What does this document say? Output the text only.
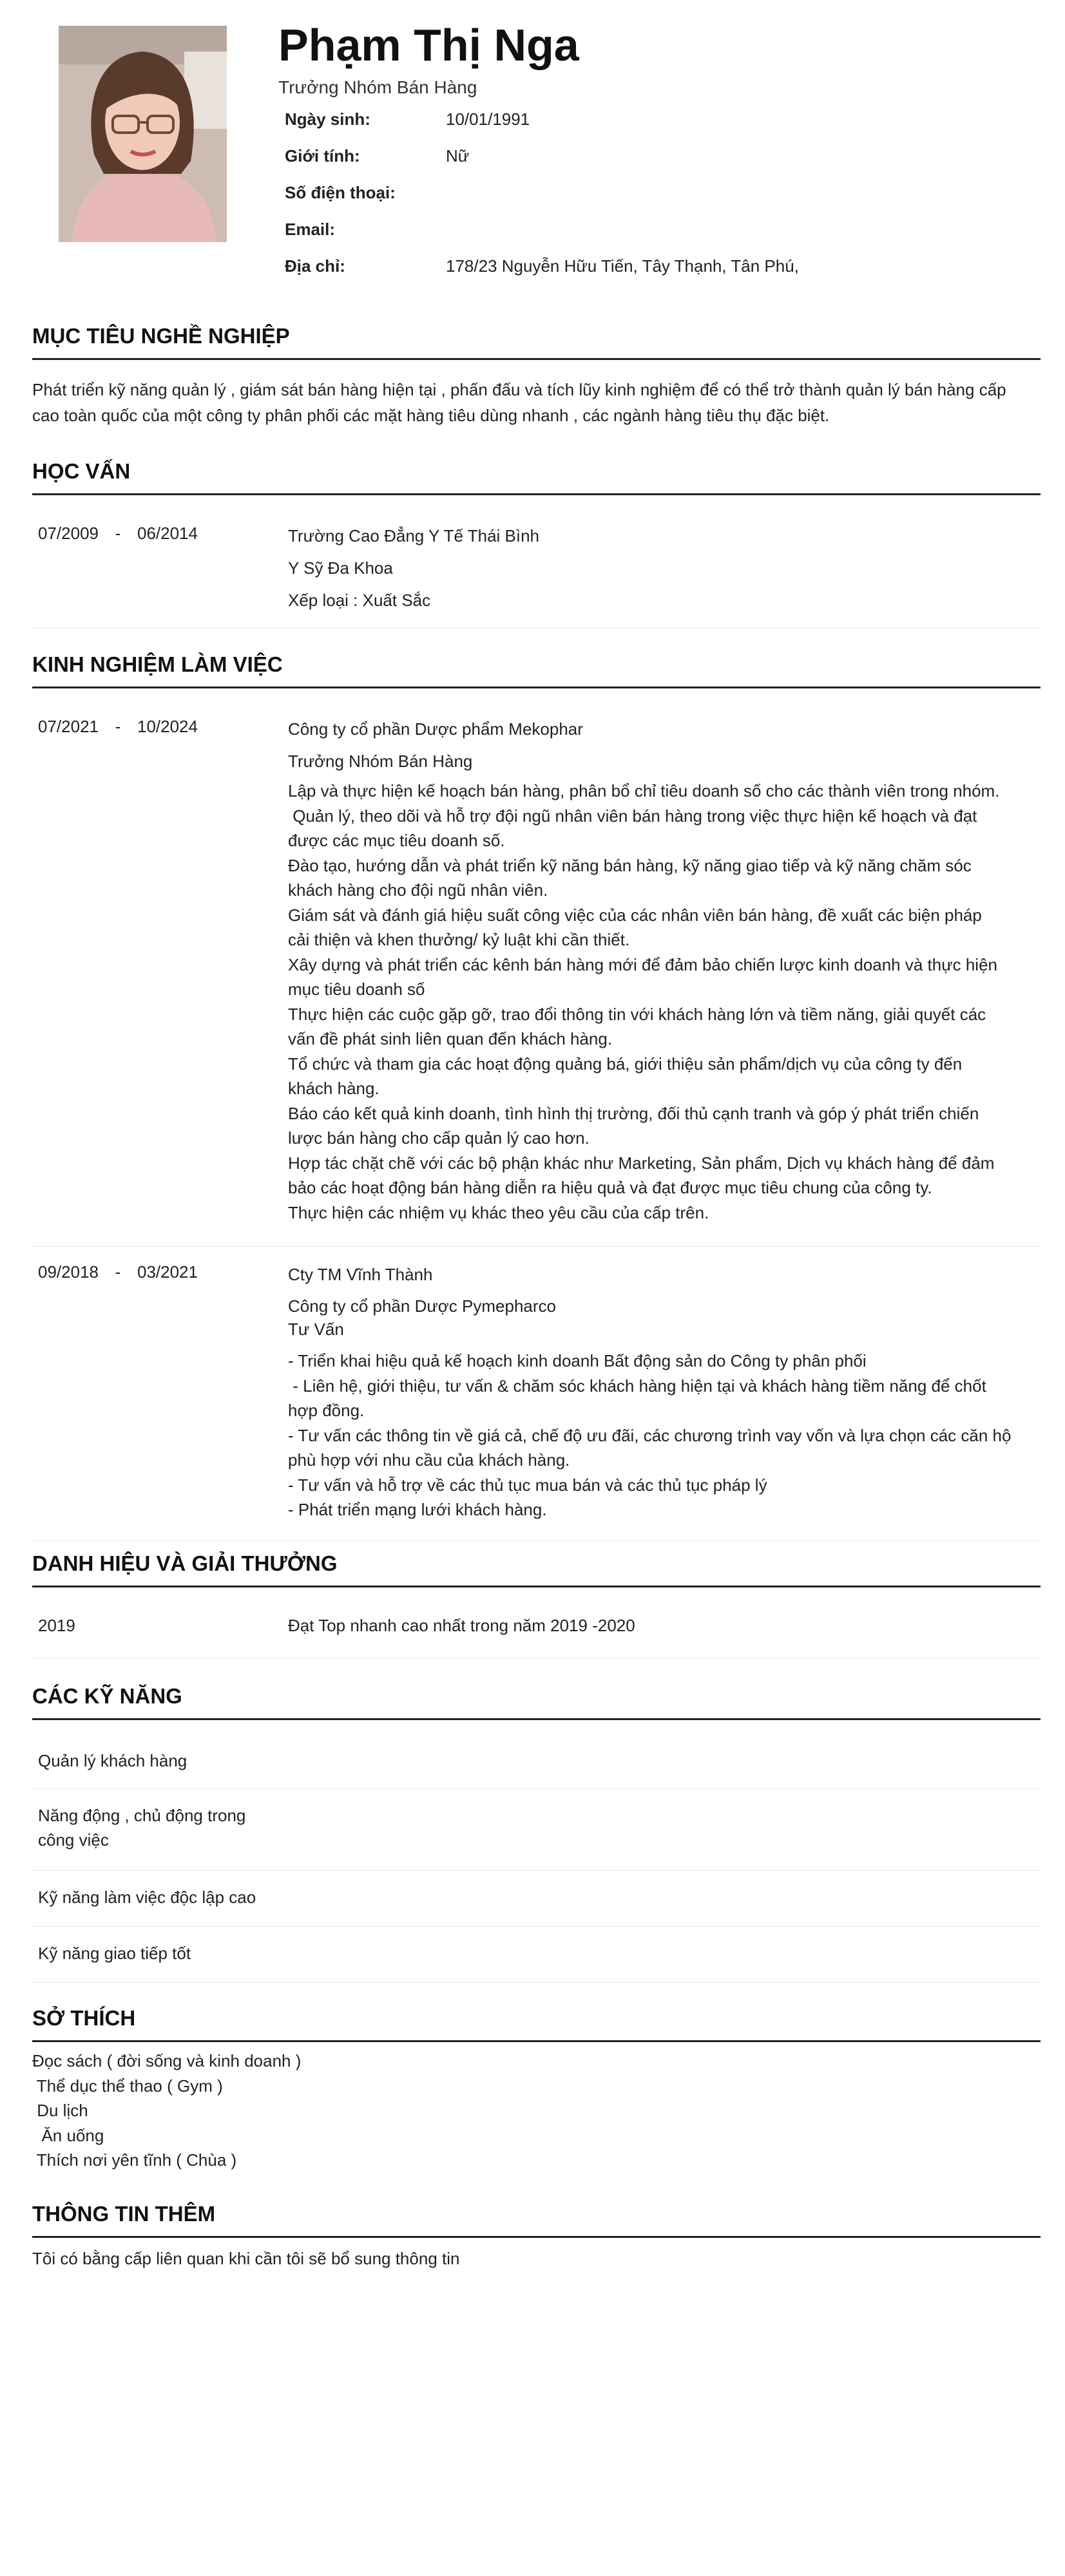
Phạm Thị Nga
Trưởng Nhóm Bán Hàng
Ngày sinh:	10/01/1991
Giới tính:	Nữ
Số điện thoại:
Email:
Địa chỉ:	178/23 Nguyễn Hữu Tiến, Tây Thạnh, Tân Phú,
MỤC TIÊU NGHỀ NGHIỆP
Phát triển kỹ năng quản lý , giám sát bán hàng hiện tại , phấn đấu và tích lũy kinh nghiệm để có thể trở thành quản lý bán hàng cấp
cao toàn quốc của một công ty phân phối các mặt hàng tiêu dùng nhanh , các ngành hàng tiêu thụ đặc biệt.
HỌC VẤN
07/2009 - 06/2014	Trường Cao Đẳng Y Tế Thái Bình
Y Sỹ Đa Khoa
Xếp loại : Xuất Sắc
KINH NGHIỆM LÀM VIỆC
07/2021 - 10/2024	Công ty cổ phần Dược phẩm Mekophar
Trưởng Nhóm Bán Hàng
Lập và thực hiện kế hoạch bán hàng, phân bổ chỉ tiêu doanh số cho các thành viên trong nhóm.
Quản lý, theo dõi và hỗ trợ đội ngũ nhân viên bán hàng trong việc thực hiện kế hoạch và đạt
được các mục tiêu doanh số.
Đào tạo, hướng dẫn và phát triển kỹ năng bán hàng, kỹ năng giao tiếp và kỹ năng chăm sóc
khách hàng cho đội ngũ nhân viên.
Giám sát và đánh giá hiệu suất công việc của các nhân viên bán hàng, đề xuất các biện pháp
cải thiện và khen thưởng/ kỷ luật khi cần thiết.
Xây dựng và phát triển các kênh bán hàng mới để đảm bảo chiến lược kinh doanh và thực hiện
mục tiêu doanh số
Thực hiện các cuộc gặp gỡ, trao đổi thông tin với khách hàng lớn và tiềm năng, giải quyết các
vấn đề phát sinh liên quan đến khách hàng.
Tổ chức và tham gia các hoạt động quảng bá, giới thiệu sản phẩm/dịch vụ của công ty đến
khách hàng.
Báo cáo kết quả kinh doanh, tình hình thị trường, đối thủ cạnh tranh và góp ý phát triển chiến
lược bán hàng cho cấp quản lý cao hơn.
Hợp tác chặt chẽ với các bộ phận khác như Marketing, Sản phẩm, Dịch vụ khách hàng để đảm
bảo các hoạt động bán hàng diễn ra hiệu quả và đạt được mục tiêu chung của công ty.
Thực hiện các nhiệm vụ khác theo yêu cầu của cấp trên.
09/2018 - 03/2021	Cty TM Vĩnh Thành
Công ty cổ phần Dược Pymepharco
Tư Vấn
- Triển khai hiệu quả kế hoạch kinh doanh Bất động sản do Công ty phân phối
- Liên hệ, giới thiệu, tư vấn & chăm sóc khách hàng hiện tại và khách hàng tiềm năng để chốt
hợp đồng.
- Tư vấn các thông tin về giá cả, chế độ ưu đãi, các chương trình vay vốn và lựa chọn các căn hộ
phù hợp với nhu cầu của khách hàng.
- Tư vấn và hỗ trợ về các thủ tục mua bán và các thủ tục pháp lý
- Phát triển mạng lưới khách hàng.
DANH HIỆU VÀ GIẢI THƯỞNG
2019	Đạt Top nhanh cao nhất trong năm 2019 -2020
CÁC KỸ NĂNG
Quản lý khách hàng
Năng động , chủ động trong
công việc
Kỹ năng làm việc độc lập cao
Kỹ năng giao tiếp tốt
SỞ THÍCH
Đọc sách ( đời sống và kinh doanh )
Thể dục thể thao ( Gym )
Du lịch
Ăn uống
Thích nơi yên tĩnh ( Chùa )
THÔNG TIN THÊM
Tôi có bằng cấp liên quan khi cần tôi sẽ bổ sung thông tin
